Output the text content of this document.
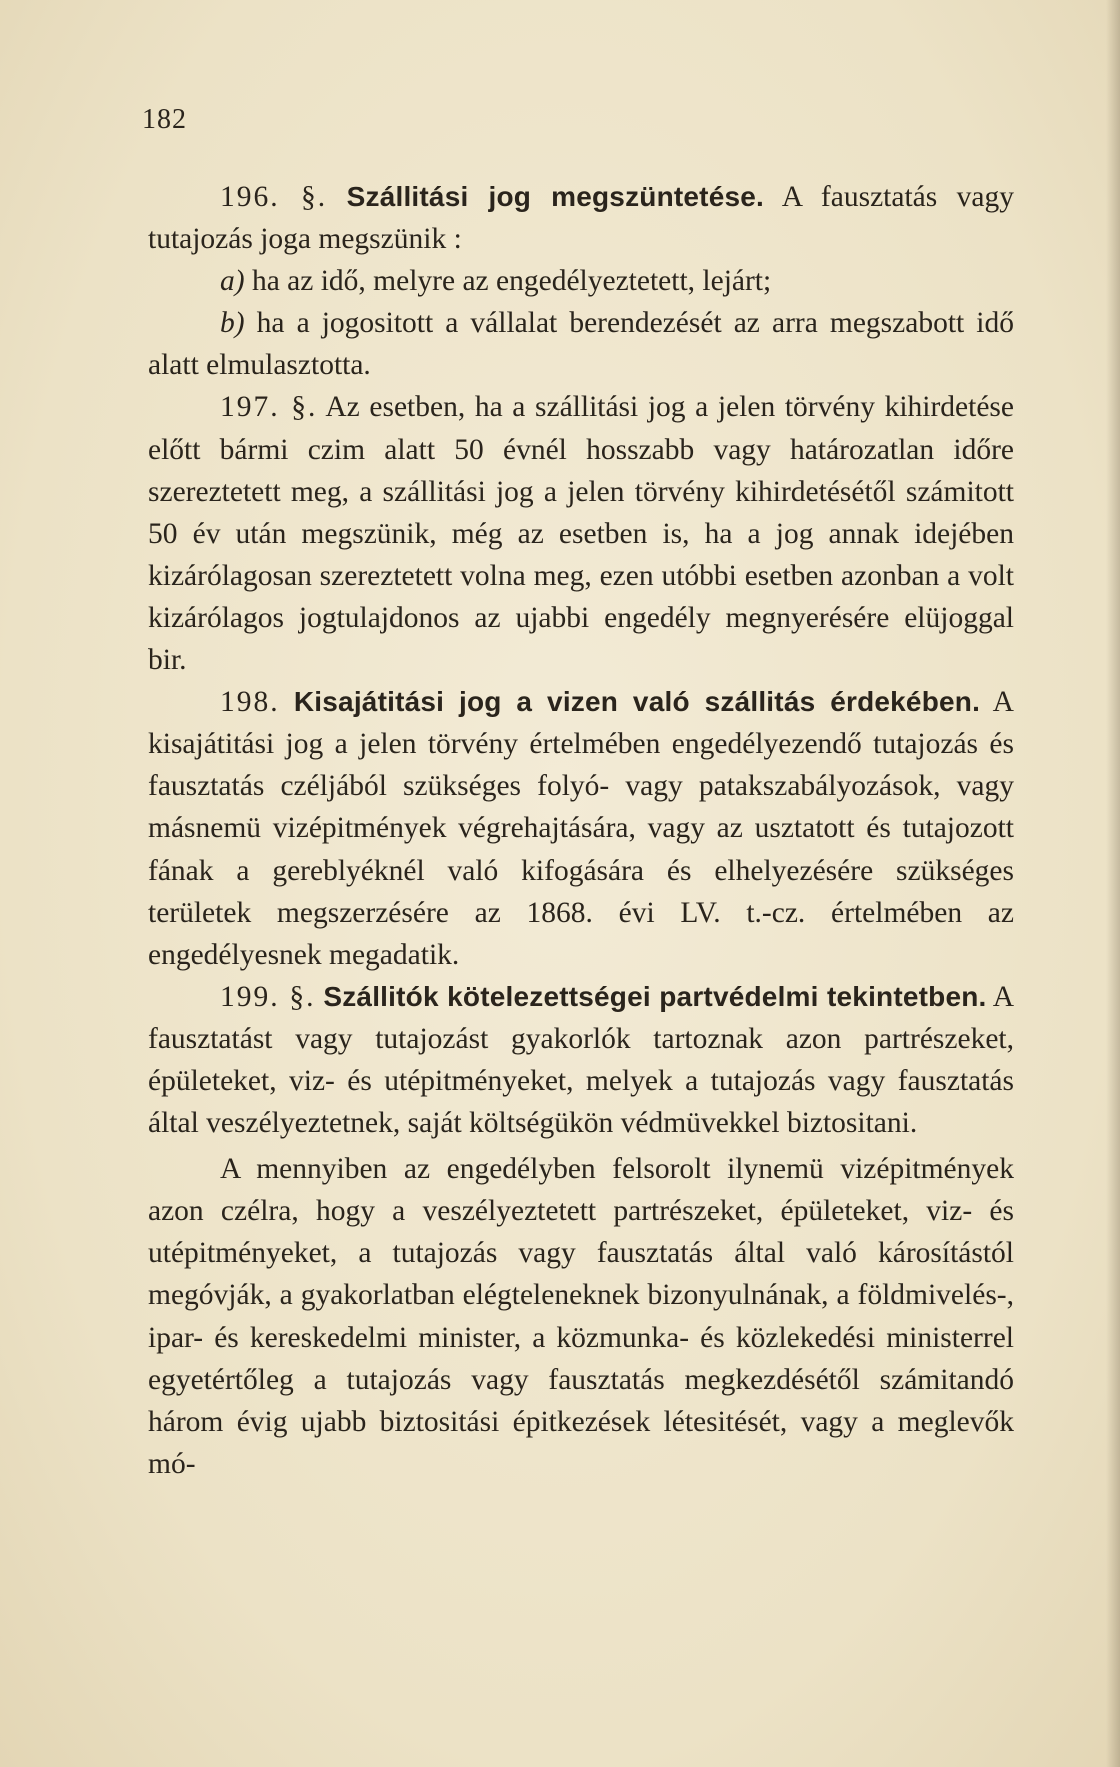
182

196. §. Szállitási jog megszüntetése. A fausztatás vagy tutajozás joga megszünik :

a) ha az idő, melyre az engedélyeztetett, lejárt;

b) ha a jogositott a vállalat berendezését az arra megszabott idő alatt elmulasztotta.

197. §. Az esetben, ha a szállitási jog a jelen törvény kihirdetése előtt bármi czim alatt 50 évnél hosszabb vagy határozatlan időre szereztetett meg, a szállitási jog a jelen törvény kihirdetésétől számitott 50 év után megszünik, még az esetben is, ha a jog annak idejében kizárólagosan szereztetett volna meg, ezen utóbbi esetben azonban a volt kizárólagos jogtulajdonos az ujabbi engedély megnyerésére elüjoggal bir.

198. Kisajátitási jog a vizen való szállitás érdekében. A kisajátitási jog a jelen törvény értelmében engedélyezendő tutajozás és fausztatás czéljából szükséges folyó- vagy patakszabályozások, vagy másnemü vizépitmények végrehajtására, vagy az usztatott és tutajozott fának a gereblyéknél való kifogására és elhelyezésére szükséges területek megszerzésére az 1868. évi LV. t.-cz. értelmében az engedélyesnek megadatik.

199. §. Szállitók kötelezettségei partvédelmi tekintetben. A fausztatást vagy tutajozást gyakorlók tartoznak azon partrészeket, épületeket, viz- és utépitményeket, melyek a tutajozás vagy fausztatás által veszélyeztetnek, saját költségükön védmüvekkel biztositani.

A mennyiben az engedélyben felsorolt ilynemü vizépitmények azon czélra, hogy a veszélyeztetett partrészeket, épületeket, viz- és utépitményeket, a tutajozás vagy fausztatás által való károsítástól megóvják, a gyakorlatban elégteleneknek bizonyulnának, a földmivelés-, ipar- és kereskedelmi minister, a közmunka- és közlekedési ministerrel egyetértőleg a tutajozás vagy fausztatás megkezdésétől számitandó három évig ujabb biztositási épitkezések létesitését, vagy a meglevők mó-
